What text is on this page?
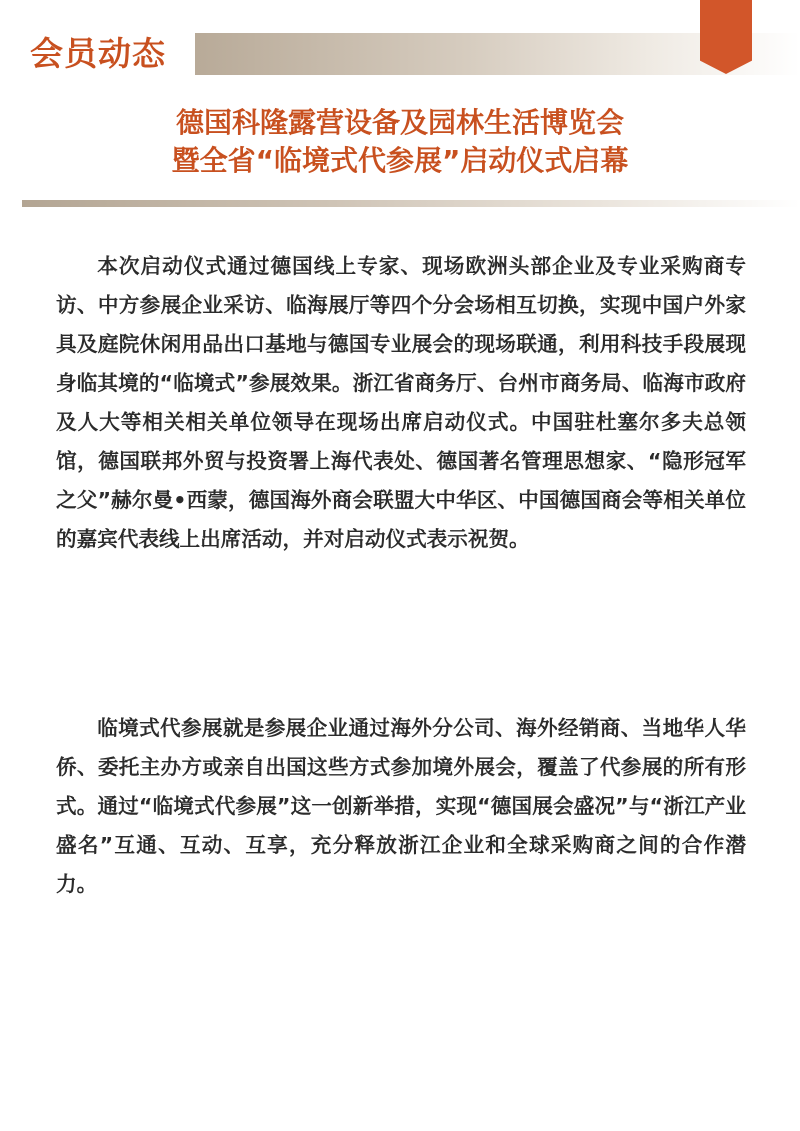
会员动态
德国科隆露营设备及园林生活博览会
暨全省“临境式代参展”启动仪式启幕

本次启动仪式通过德国线上专家、现场欧洲头部企业及专业采购商专访、中方参展企业采访、临海展厅等四个分会场相互切换，实现中国户外家具及庭院休闲用品出口基地与德国专业展会的现场联通，利用科技手段展现身临其境的“临境式”参展效果。浙江省商务厅、台州市商务局、临海市政府及人大等相关相关单位领导在现场出席启动仪式。中国驻杜塞尔多夫总领馆，德国联邦外贸与投资署上海代表处、德国著名管理思想家、“隐形冠军之父”赫尔曼•西蒙，德国海外商会联盟大中华区、中国德国商会等相关单位的嘉宾代表线上出席活动，并对启动仪式表示祝贺。

临境式代参展就是参展企业通过海外分公司、海外经销商、当地华人华侨、委托主办方或亲自出国这些方式参加境外展会，覆盖了代参展的所有形式。通过“临境式代参展”这一创新举措，实现“德国展会盛况”与“浙江产业盛名”互通、互动、互享，充分释放浙江企业和全球采购商之间的合作潜力。
